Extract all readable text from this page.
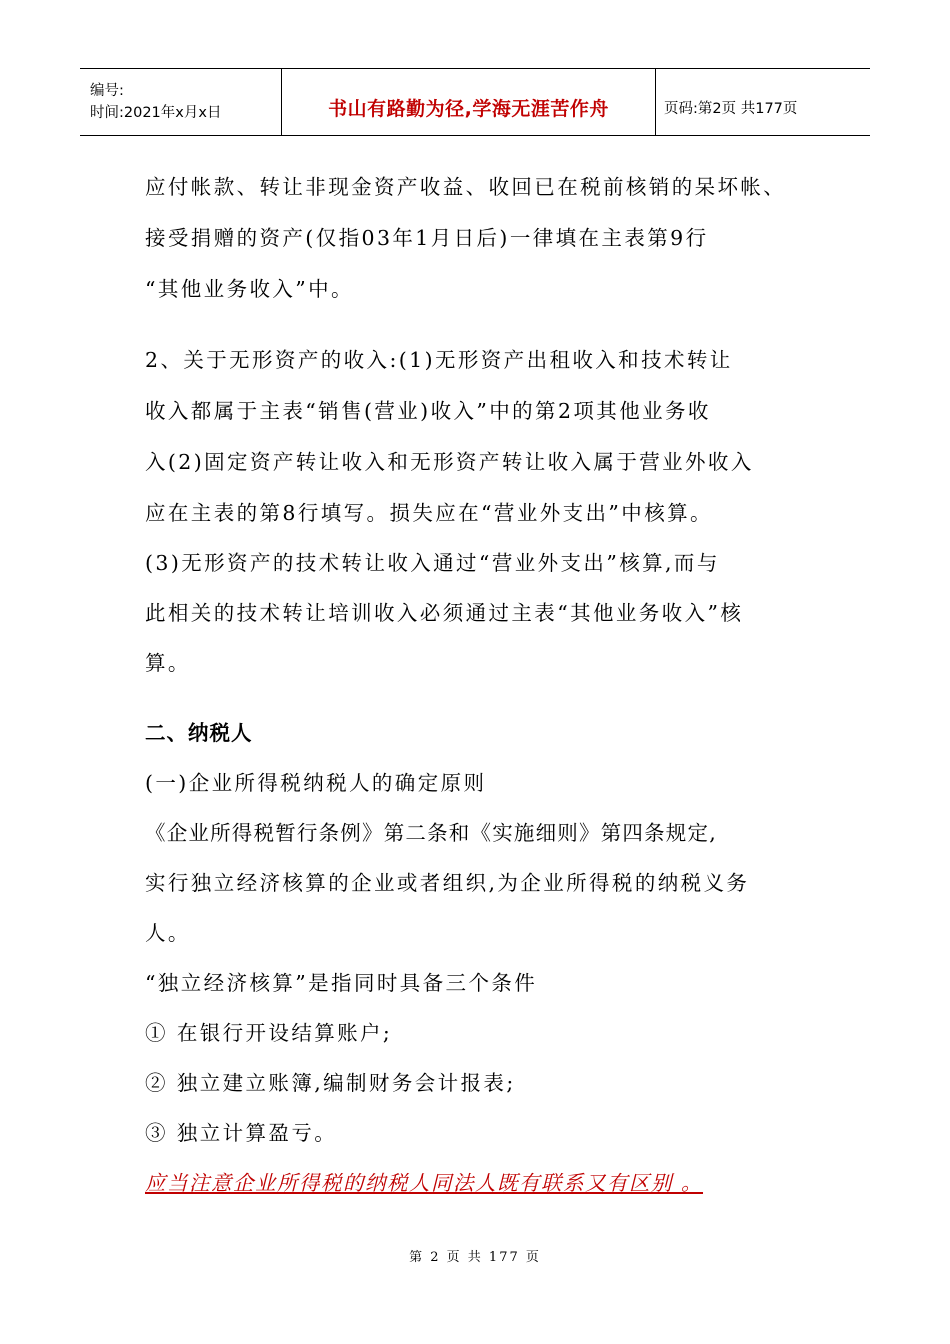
编号:
时间:2021年x月x日	书山有路勤为径,学海无涯苦作舟	页码:第2页 共177页
应付帐款、转让非现金资产收益、收回已在税前核销的呆坏帐、
接受捐赠的资产(仅指03年1月日后)一律填在主表第9行
“其他业务收入”中。
2、关于无形资产的收入:(1)无形资产出租收入和技术转让
收入都属于主表“销售(营业)收入”中的第2项其他业务收
入(2)固定资产转让收入和无形资产转让收入属于营业外收入
应在主表的第8行填写。损失应在“营业外支出”中核算。
(3)无形资产的技术转让收入通过“营业外支出”核算,而与
此相关的技术转让培训收入必须通过主表“其他业务收入”核
算。
二、纳税人
(一)企业所得税纳税人的确定原则
《企业所得税暂行条例》第二条和《实施细则》第四条规定,
实行独立经济核算的企业或者组织,为企业所得税的纳税义务
人。
“独立经济核算”是指同时具备三个条件
① 在银行开设结算账户;
② 独立建立账簿,编制财务会计报表;
③ 独立计算盈亏。
应当注意企业所得税的纳税人同法人既有联系又有区别 。
第 2 页 共 177 页
